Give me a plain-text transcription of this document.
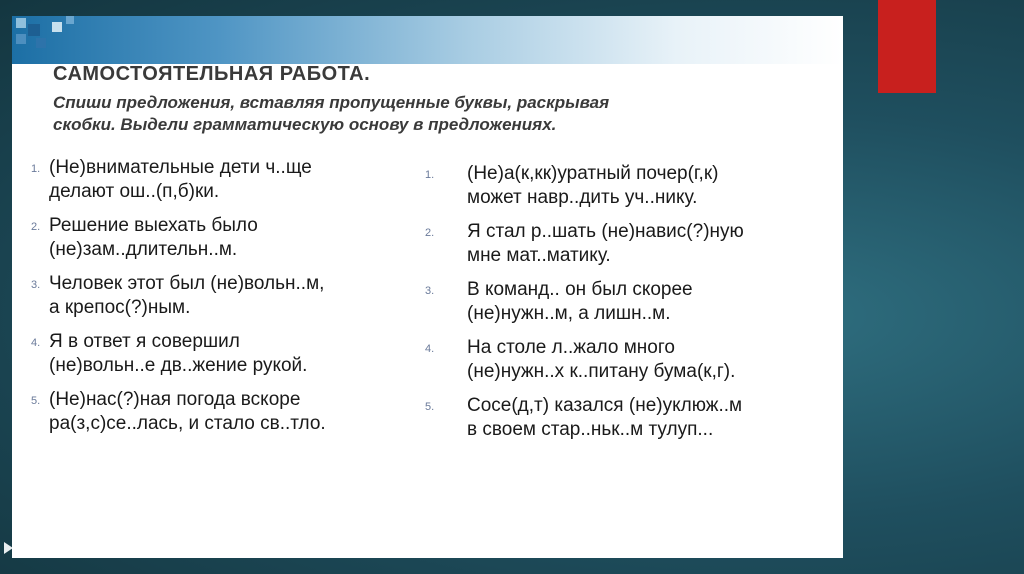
САМОСТОЯТЕЛЬНАЯ РАБОТА.
Спиши предложения, вставляя пропущенные буквы, раскрывая
скобки. Выдели грамматическую основу в предложениях.
1. (Не)внимательные дети ч..ще
делают ош..(п,б)ки.
2. Решение выехать было
(не)зам..длительн..м.
3. Человек этот был (не)вольн..м,
а крепос(?)ным.
4. Я в ответ я совершил
(не)вольн..е дв..жение рукой.
5. (Не)нас(?)ная погода вскоре
ра(з,с)се..лась, и стало св..тло.
1.	(Не)а(к,кк)уратный почер(г,к)
может навр..дить уч..нику.
2.	Я стал р..шать (не)навис(?)ную
мне мат..матику.
3.	В команд.. он был скорее
(не)нужн..м, а лишн..м.
4.	На столе л..жало много
(не)нужн..х к..питану бума(к,г).
5.	Сосе(д,т) казался (не)уклюж..м
в своем стар..ньк..м тулуп...
